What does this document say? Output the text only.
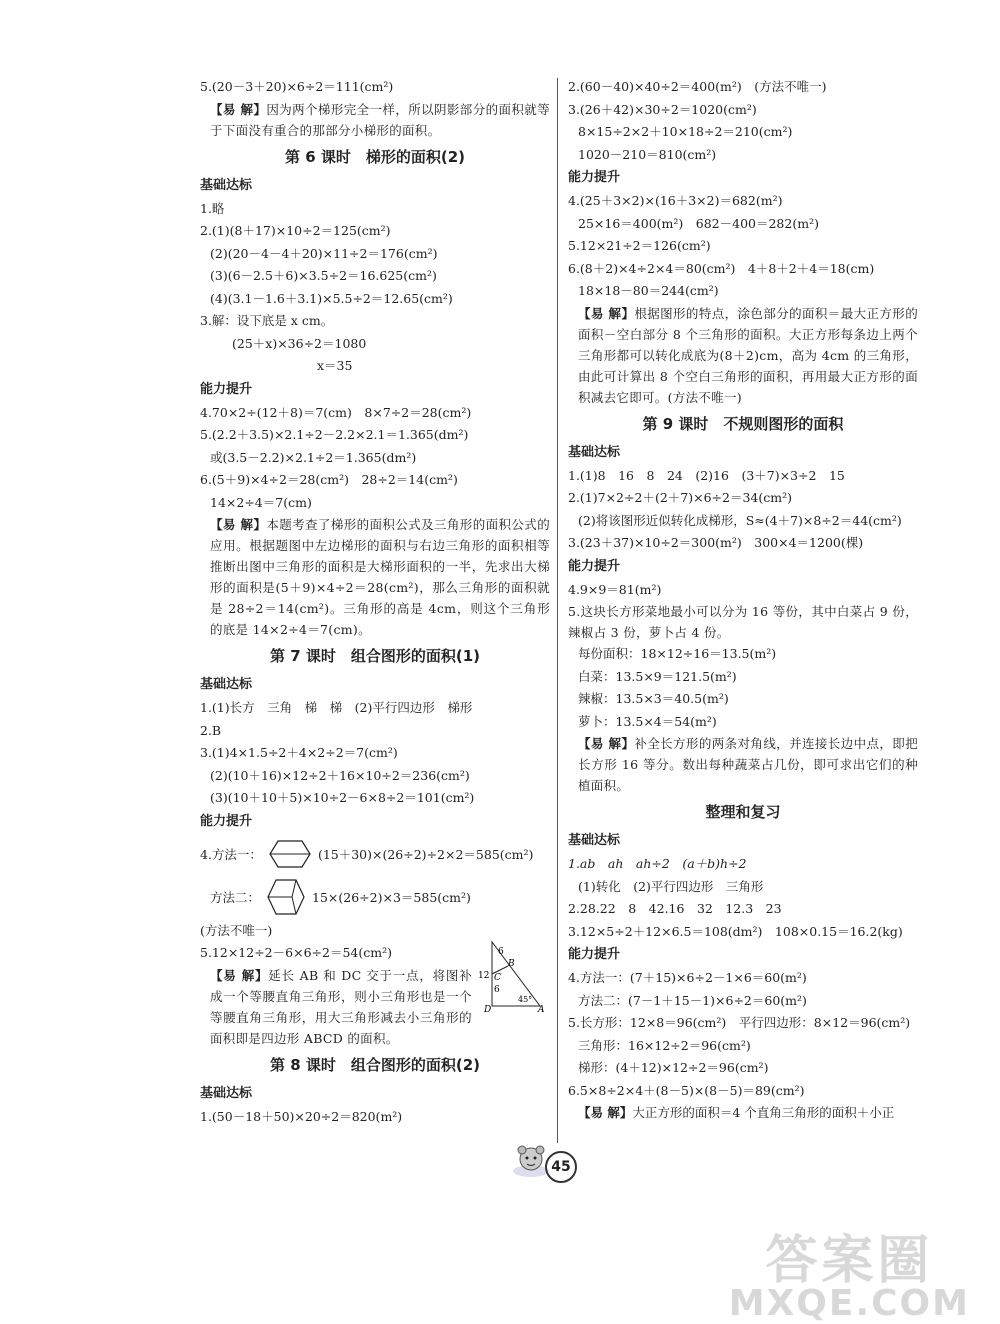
5.(20－3＋20)×6÷2＝111(cm²)
【易 解】因为两个梯形完全一样，所以阴影部分的面积就等于下面没有重合的那部分小梯形的面积。
第 6 课时　梯形的面积(2)
基础达标
1.略
2.(1)(8＋17)×10÷2＝125(cm²)
(2)(20－4－4＋20)×11÷2＝176(cm²)
(3)(6－2.5＋6)×3.5÷2＝16.625(cm²)
(4)(3.1－1.6＋3.1)×5.5÷2＝12.65(cm²)
3.解：设下底是 x cm。
(25＋x)×36÷2＝1080
x＝35
能力提升
4.70×2÷(12＋8)＝7(cm)　8×7÷2＝28(cm²)
5.(2.2＋3.5)×2.1÷2－2.2×2.1＝1.365(dm²)
或(3.5－2.2)×2.1÷2＝1.365(dm²)
6.(5＋9)×4÷2＝28(cm²)　28÷2＝14(cm²)
14×2÷4＝7(cm)
【易 解】本题考查了梯形的面积公式及三角形的面积公式的应用。根据题图中左边梯形的面积与右边三角形的面积相等推断出图中三角形的面积是大梯形面积的一半，先求出大梯形的面积是(5＋9)×4÷2＝28(cm²)，那么三角形的面积就是 28÷2＝14(cm²)。三角形的高是 4cm，则这个三角形的底是 14×2÷4＝7(cm)。
第 7 课时　组合图形的面积(1)
基础达标
1.(1)长方　三角　梯　梯　(2)平行四边形　梯形
2.B
3.(1)4×1.5÷2＋4×2÷2＝7(cm²)
(2)(10＋16)×12÷2＋16×10÷2＝236(cm²)
(3)(10＋10＋5)×10÷2－6×8÷2＝101(cm²)
能力提升
4.方法一：	(15＋30)×(26÷2)÷2×2＝585(cm²)
方法二：	15×(26÷2)×3＝585(cm²)
(方法不唯一)
5.12×12÷2－6×6÷2＝54(cm²)
【易 解】延长 AB 和 DC 交于一点，将图补成一个等腰直角三角形，则小三角形也是一个等腰直角三角形，用大三角形减去小三角形的面积即是四边形 ABCD 的面积。
6
12
6
B
C
D	A
45°
第 8 课时　组合图形的面积(2)
基础达标
1.(50－18＋50)×20÷2＝820(m²)
2.(60－40)×40÷2＝400(m²)　(方法不唯一)
3.(26＋42)×30÷2＝1020(cm²)
8×15÷2×2＋10×18÷2＝210(cm²)
1020－210＝810(cm²)
能力提升
4.(25＋3×2)×(16＋3×2)＝682(m²)
25×16＝400(m²)　682－400＝282(m²)
5.12×21÷2＝126(cm²)
6.(8＋2)×4÷2×4＝80(cm²)　4＋8＋2＋4＝18(cm)
18×18－80＝244(cm²)
【易 解】根据图形的特点，涂色部分的面积＝最大正方形的面积－空白部分 8 个三角形的面积。大正方形每条边上两个三角形都可以转化成底为(8＋2)cm，高为 4cm 的三角形，由此可计算出 8 个空白三角形的面积，再用最大正方形的面积减去它即可。(方法不唯一)
第 9 课时　不规则图形的面积
基础达标
1.(1)8　16　8　24　(2)16　(3＋7)×3÷2　15
2.(1)7×2÷2＋(2＋7)×6÷2＝34(cm²)
(2)将该图形近似转化成梯形，S≈(4＋7)×8÷2＝44(cm²)
3.(23＋37)×10÷2＝300(m²)　300×4＝1200(棵)
能力提升
4.9×9＝81(m²)
5.这块长方形菜地最小可以分为 16 等份，其中白菜占 9 份，辣椒占 3 份，萝卜占 4 份。
每份面积：18×12÷16＝13.5(m²)
白菜：13.5×9＝121.5(m²)
辣椒：13.5×3＝40.5(m²)
萝卜：13.5×4＝54(m²)
【易 解】补全长方形的两条对角线，并连接长边中点，即把长方形 16 等分。数出每种蔬菜占几份，即可求出它们的种植面积。
整理和复习
基础达标
1.ab　ah　ah÷2　(a＋b)h÷2
(1)转化　(2)平行四边形　三角形
2.28.22　8　42.16　32　12.3　23
3.12×5÷2＋12×6.5＝108(dm²)　108×0.15＝16.2(kg)
能力提升
4.方法一：(7＋15)×6÷2－1×6＝60(m²)
方法二：(7－1＋15－1)×6÷2＝60(m²)
5.长方形：12×8＝96(cm²)　平行四边形：8×12＝96(cm²)
三角形：16×12÷2＝96(cm²)
梯形：(4＋12)×12÷2＝96(cm²)
6.5×8÷2×4＋(8－5)×(8－5)＝89(cm²)
【易 解】大正方形的面积＝4 个直角三角形的面积＋小正
45
答案圈
MXQE.COM
